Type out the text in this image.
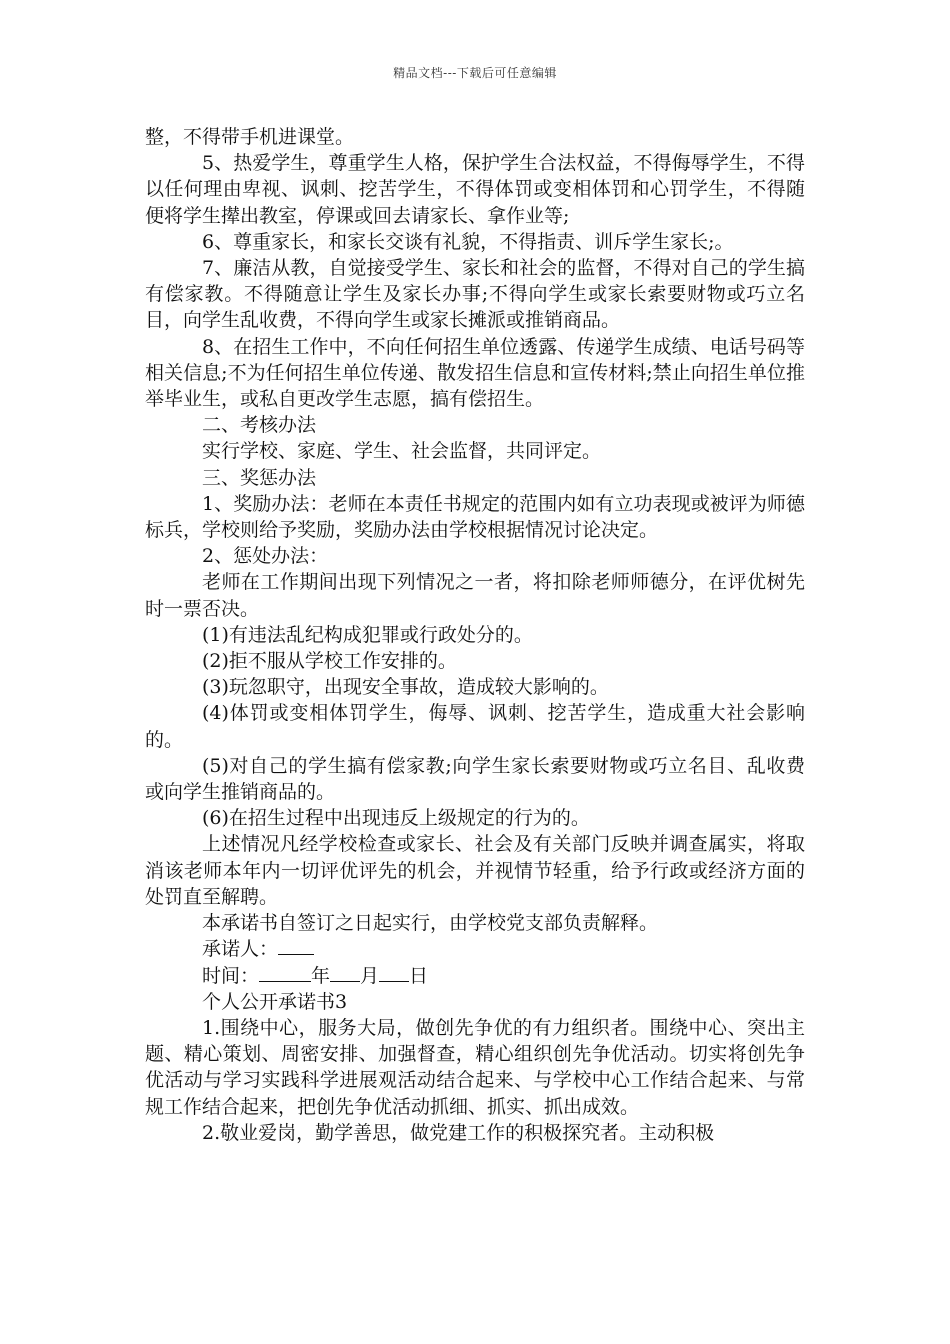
精品文档---下载后可任意编辑

整，不得带手机进课堂。

5、热爱学生，尊重学生人格，保护学生合法权益，不得侮辱学生，不得以任何理由卑视、讽刺、挖苦学生，不得体罚或变相体罚和心罚学生，不得随便将学生撵出教室，停课或回去请家长、拿作业等;

6、尊重家长，和家长交谈有礼貌，不得指责、训斥学生家长;。

7、廉洁从教，自觉接受学生、家长和社会的监督，不得对自己的学生搞有偿家教。不得随意让学生及家长办事;不得向学生或家长索要财物或巧立名目，向学生乱收费，不得向学生或家长摊派或推销商品。

8、在招生工作中，不向任何招生单位透露、传递学生成绩、电话号码等相关信息;不为任何招生单位传递、散发招生信息和宣传材料;禁止向招生单位推举毕业生，或私自更改学生志愿，搞有偿招生。

二、考核办法

实行学校、家庭、学生、社会监督，共同评定。

三、奖惩办法

1、奖励办法：老师在本责任书规定的范围内如有立功表现或被评为师德标兵，学校则给予奖励，奖励办法由学校根据情况讨论决定。

2、惩处办法：

老师在工作期间出现下列情况之一者，将扣除老师师德分，在评优树先时一票否决。

(1)有违法乱纪构成犯罪或行政处分的。

(2)拒不服从学校工作安排的。

(3)玩忽职守，出现安全事故，造成较大影响的。

(4)体罚或变相体罚学生，侮辱、讽刺、挖苦学生，造成重大社会影响的。

(5)对自己的学生搞有偿家教;向学生家长索要财物或巧立名目、乱收费或向学生推销商品的。

(6)在招生过程中出现违反上级规定的行为的。

上述情况凡经学校检查或家长、社会及有关部门反映并调查属实，将取消该老师本年内一切评优评先的机会，并视情节轻重，给予行政或经济方面的处罚直至解聘。

本承诺书自签订之日起实行，由学校党支部负责解释。

承诺人：

时间：	年 月 日

个人公开承诺书3

1.围绕中心，服务大局，做创先争优的有力组织者。围绕中心、突出主题、精心策划、周密安排、加强督查，精心组织创先争优活动。切实将创先争优活动与学习实践科学进展观活动结合起来、与学校中心工作结合起来、与常规工作结合起来，把创先争优活动抓细、抓实、抓出成效。

2.敬业爱岗，勤学善思，做党建工作的积极探究者。主动积极
